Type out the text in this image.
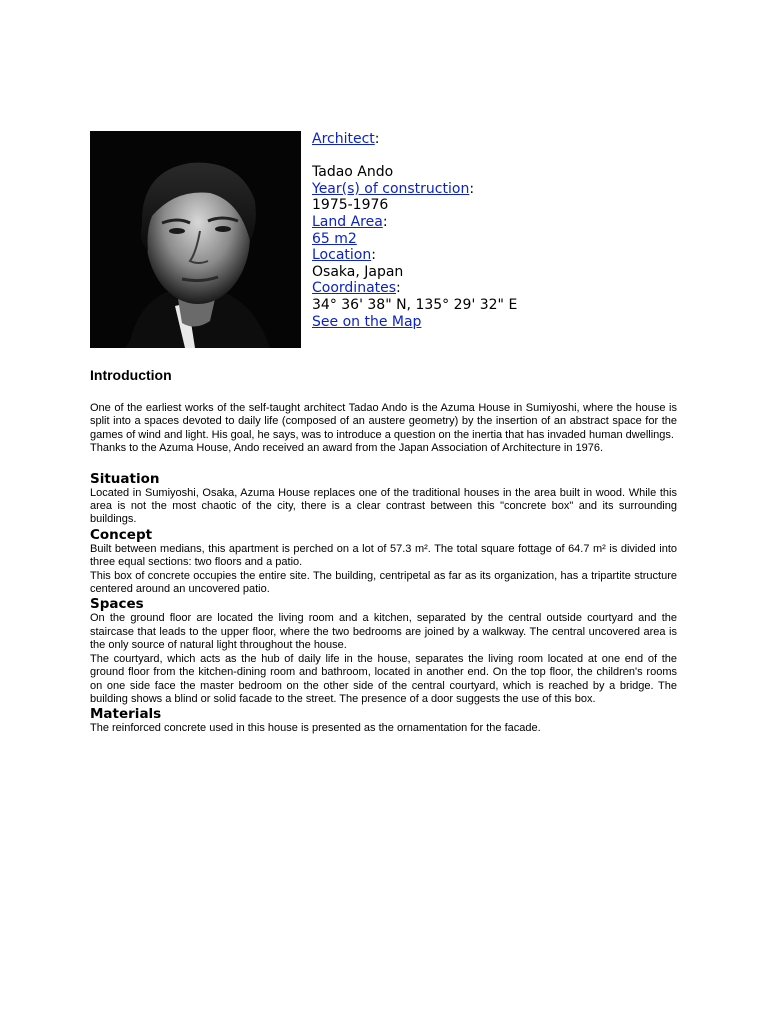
Architect:
Tadao Ando
Year(s) of construction:
1975-1976
Land Area:
65 m2
Location:
Osaka, Japan
Coordinates:
34° 36' 38" N, 135° 29' 32" E
See on the Map
Introduction

One of the earliest works of the self-taught architect Tadao Ando is the Azuma House in Sumiyoshi, where the house is split into a spaces devoted to daily life (composed of an austere geometry) by the insertion of an abstract space for the games of wind and light. His goal, he says, was to introduce a question on the inertia that has invaded human dwellings.

Thanks to the Azuma House, Ando received an award from the Japan Association of Architecture in 1976.

Situation

Located in Sumiyoshi, Osaka, Azuma House replaces one of the traditional houses in the area built in wood. While this area is not the most chaotic of the city, there is a clear contrast between this "concrete box" and its surrounding buildings.

Concept

Built between medians, this apartment is perched on a lot of 57.3 m². The total square fottage of 64.7 m² is divided into three equal sections: two floors and a patio.

This box of concrete occupies the entire site. The building, centripetal as far as its organization, has a tripartite structure centered around an uncovered patio.

Spaces

On the ground floor are located the living room and a kitchen, separated by the central outside courtyard and the staircase that leads to the upper floor, where the two bedrooms are joined by a walkway. The central uncovered area is the only source of natural light throughout the house.

The courtyard, which acts as the hub of daily life in the house, separates the living room located at one end of the ground floor from the kitchen-dining room and bathroom, located in another end. On the top floor, the children's rooms on one side face the master bedroom on the other side of the central courtyard, which is reached by a bridge. The building shows a blind or solid facade to the street. The presence of a door suggests the use of this box.

Materials

The reinforced concrete used in this house is presented as the ornamentation for the facade.
